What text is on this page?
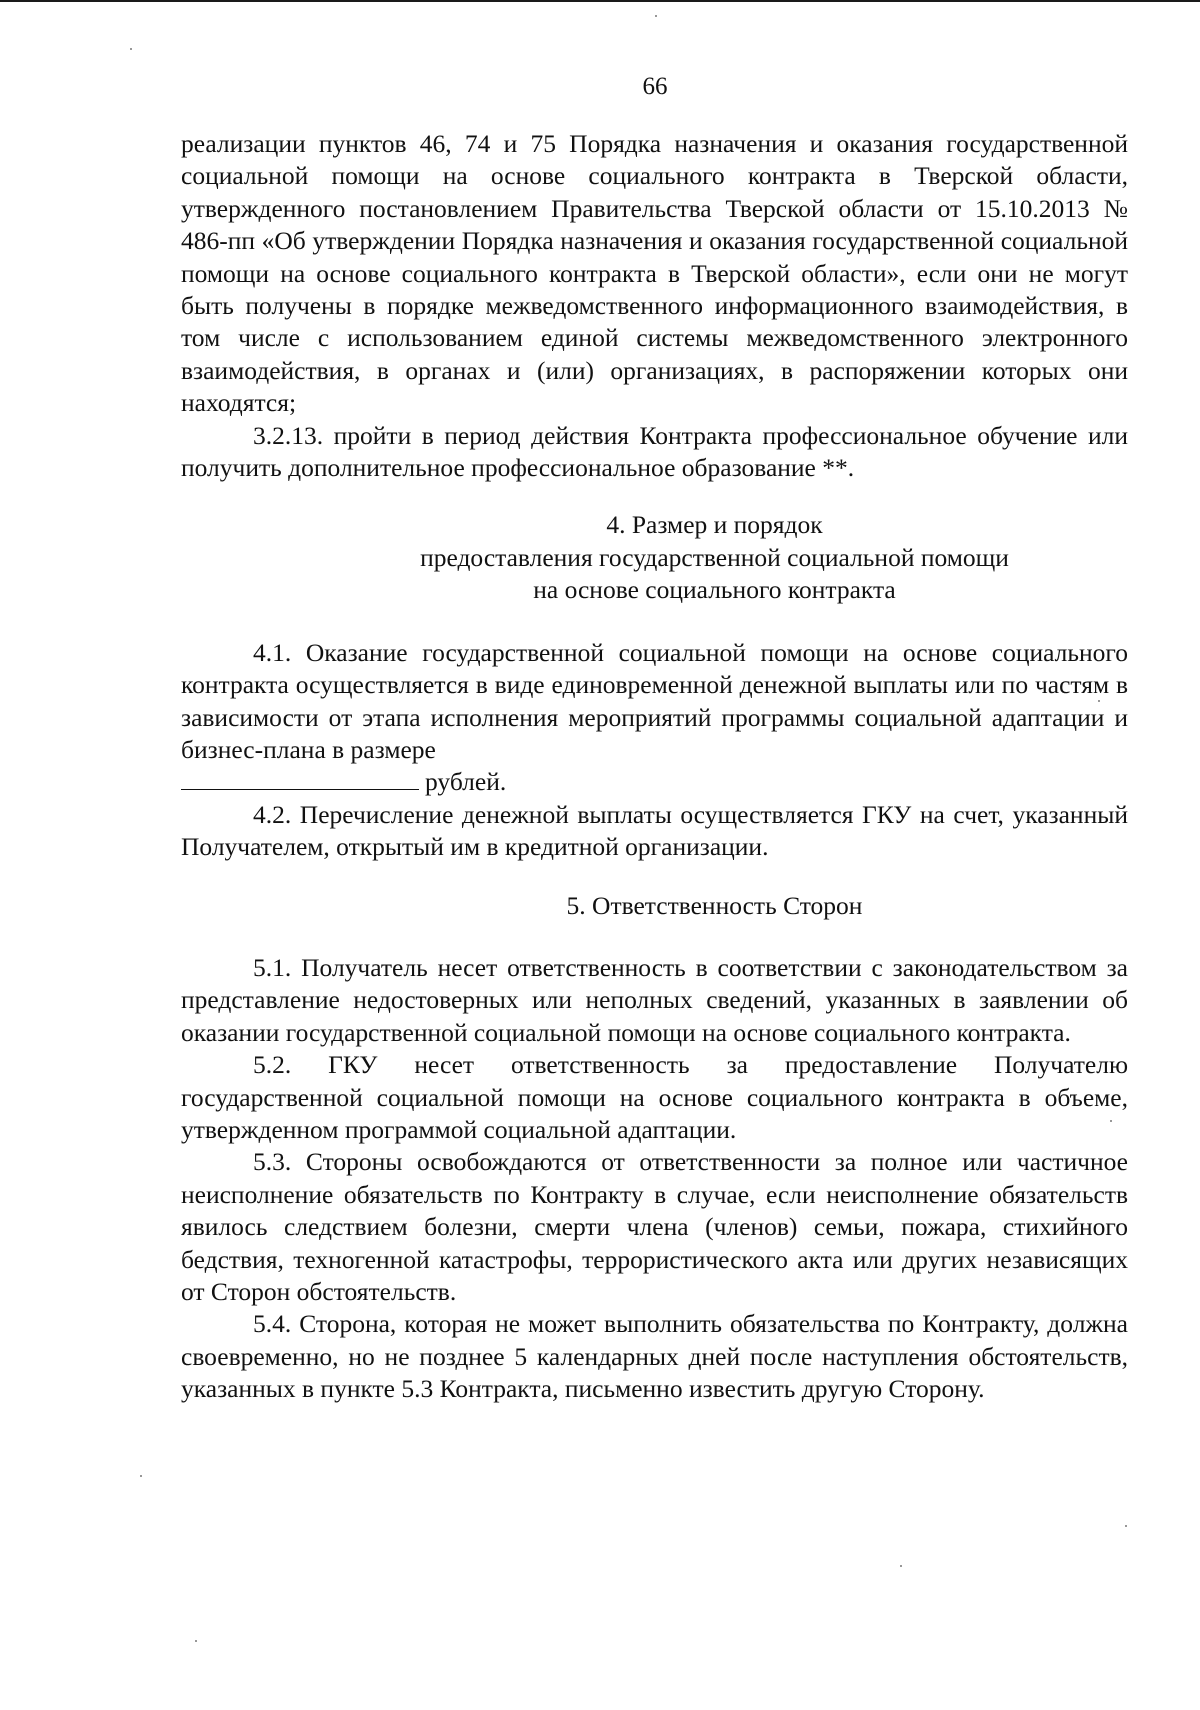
66

реализации пунктов 46, 74 и 75 Порядка назначения и оказания государственной социальной помощи на основе социального контракта в Тверской области, утвержденного постановлением Правительства Тверской области от 15.10.2013 № 486-пп «Об утверждении Порядка назначения и оказания государственной социальной помощи на основе социального контракта в Тверской области», если они не могут быть получены в порядке межведомственного информационного взаимодействия, в том числе с использованием единой системы межведомственного электронного взаимодействия, в органах и (или) организациях, в распоряжении которых они находятся;

3.2.13. пройти в период действия Контракта профессиональное обучение или получить дополнительное профессиональное образование **.

4. Размер и порядок
предоставления государственной социальной помощи
на основе социального контракта

4.1. Оказание государственной социальной помощи на основе социального контракта осуществляется в виде единовременной денежной выплаты или по частям в зависимости от этапа исполнения мероприятий программы социальной адаптации и бизнес-плана в размере

рублей.

4.2. Перечисление денежной выплаты осуществляется ГКУ на счет, указанный Получателем, открытый им в кредитной организации.

5. Ответственность Сторон

5.1. Получатель несет ответственность в соответствии с законодательством за представление недостоверных или неполных сведений, указанных в заявлении об оказании государственной социальной помощи на основе социального контракта.

5.2. ГКУ несет ответственность за предоставление Получателю государственной социальной помощи на основе социального контракта в объеме, утвержденном программой социальной адаптации.

5.3. Стороны освобождаются от ответственности за полное или частичное неисполнение обязательств по Контракту в случае, если неисполнение обязательств явилось следствием болезни, смерти члена (членов) семьи, пожара, стихийного бедствия, техногенной катастрофы, террористического акта или других независящих от Сторон обстоятельств.

5.4. Сторона, которая не может выполнить обязательства по Контракту, должна своевременно, но не позднее 5 календарных дней после наступления обстоятельств, указанных в пункте 5.3 Контракта, письменно известить другую Сторону.
